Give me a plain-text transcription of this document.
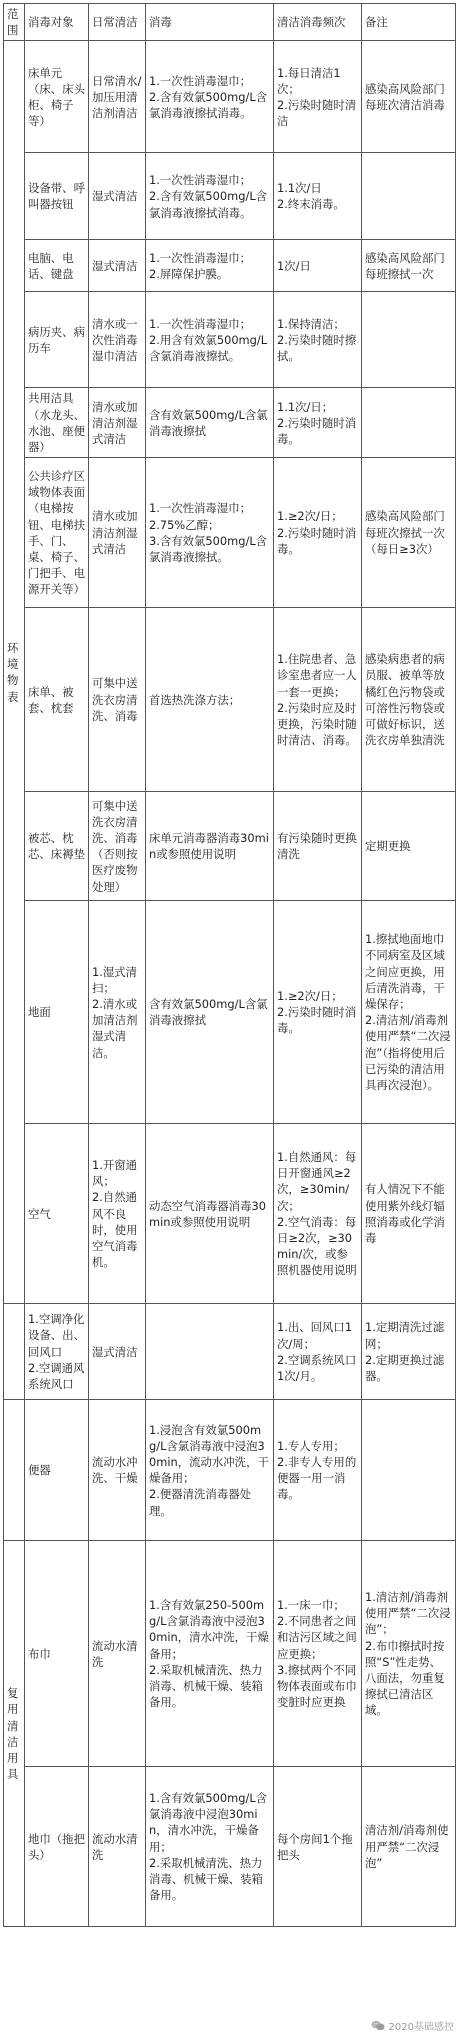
范围	消毒对象	日常清洁	消毒	清洁消毒频次	备注
环境物表	床单元
（床、床头柜、椅子等）	日常清水/加压用清洁剂清洁	1.一次性消毒湿巾；
2.含有效氯500mg/L含氯消毒液擦拭消毒。	1.每日清洁1次；
2.污染时随时清洁	感染高风险部门每班次清洁消毒
	设备带、呼叫器按钮	湿式清洁	1.一次性消毒湿巾；
2.含有效氯500mg/L含氯消毒液擦拭消毒。	1.1次/日
2.终末消毒。	
	电脑、电话、键盘	湿式清洁	1.一次性消毒湿巾；
2.屏障保护膜。	1次/日	感染高风险部门每班擦拭一次
	病历夹、病历车	清水或一次性消毒湿巾清洁	1.一次性消毒湿巾；
2.用含有效氯500mg/L含氯消毒液擦拭。	1.保持清洁；
2.污染时随时擦拭。	
	共用洁具（水龙头、水池、座便器）	清水或加清洁剂湿式清洁	含有效氯500mg/L含氯消毒液擦拭	1.1次/日；
2.污染时随时消毒。	
	公共诊疗区域物体表面（电梯按钮、电梯扶手、门、桌、椅子、门把手、电源开关等）	清水或加清洁剂湿式清洁	1.一次性消毒湿巾；
2.75%乙醇；
3.含有效氯500mg/L含氯消毒液擦拭。	1.≥2次/日；
2.污染时随时消毒。	感染高风险部门每班次擦拭一次（每日≥3次）
	床单、被套、枕套	可集中送洗衣房清洗、消毒	首选热洗涤方法；	1.住院患者、急诊室患者应一人一套一更换；
2.污染时应及时更换，污染时随时清洁、消毒。	感染病患者的病员服、被单等放橘红色污物袋或可溶性污物袋或可做好标识，送洗衣房单独清洗
	被芯、枕芯、床褥垫	可集中送洗衣房清洗、消毒（否则按医疗废物处理）	床单元消毒器消毒30min或参照使用说明	有污染随时更换清洗	定期更换
	地面	1.湿式清扫；
2.清水或加清洁剂湿式清洁。	含有效氯500mg/L含氯消毒液擦拭	1.≥2次/日；
2.污染时随时消毒。	1.擦拭地面地巾不同病室及区域之间应更换，用后清洗消毒，干燥保存；
2.清洁剂/消毒剂使用严禁“二次浸泡”（指将使用后已污染的清洁用具再次浸泡）。
	空气	1.开窗通风；
2.自然通风不良时，使用空气消毒机。	动态空气消毒器消毒30min或参照使用说明	1.自然通风：每日开窗通风≥2次，≥30min/次；
2.空气消毒：每日≥2次，≥30min/次，或参照机器使用说明	有人情况下不能使用紫外线灯辐照消毒或化学消毒
	1.空调净化设备、出、回风口
2.空调通风系统风口	湿式清洁		1.出、回风口1次/周；
2.空调系统风口1次/月。	1.定期清洗过滤网；
2.定期更换过滤器。
	便器	流动水冲洗、干燥	1.浸泡含有效氯500mg/L含氯消毒液中浸泡30min，流动水冲洗，干燥备用；
2.便器清洗消毒器处理。	1.专人专用；
2.非专人专用的便器一用一消毒。	
复用清洁用具	布巾	流动水清洗	1.含有效氯250-500mg/L含氯消毒液中浸泡30min，清水冲洗，干燥备用；
2.采取机械清洗、热力消毒、机械干燥、装箱备用。	1.一床一巾；
2.不同患者之间和洁污区域之间应更换；
3.擦拭两个不同物体表面或布巾变脏时应更换	1.清洁剂/消毒剂使用严禁“二次浸泡”；
2.布巾擦拭时按照“S”性走势、八面法，勿重复擦拭已清洁区域。
	地巾（拖把头）	流动水清洗	1.含有效氯500mg/L含氯消毒液中浸泡30min，清水冲洗，干燥备用；
2.采取机械清洗、热力消毒、机械干燥、装箱备用。	每个房间1个拖把头	清洁剂/消毒剂使用严禁“二次浸泡”
2020基础感控
